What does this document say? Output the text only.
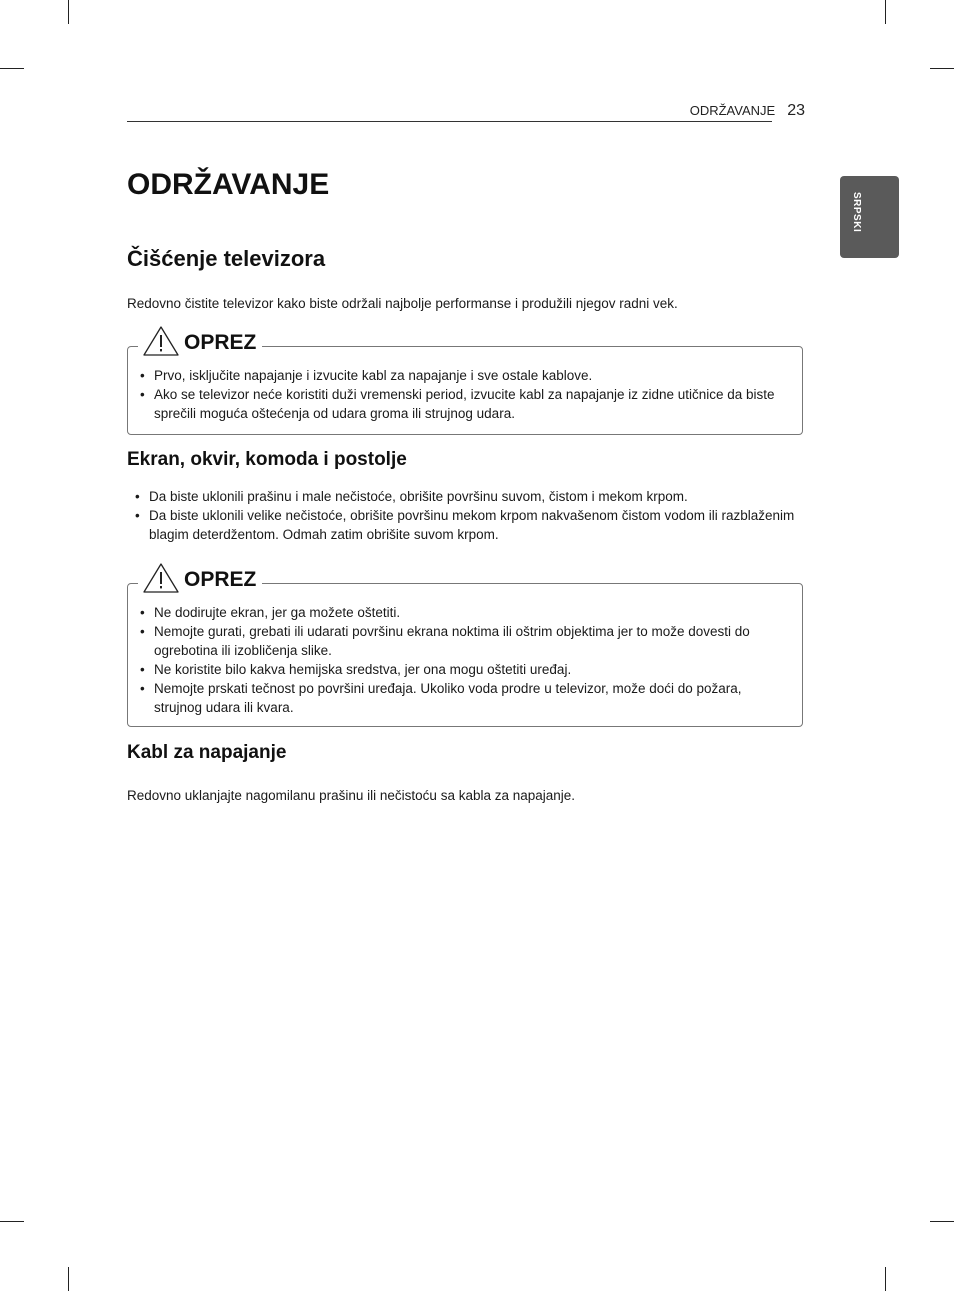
ODRŽAVANJE 23
SRPSKI
ODRŽAVANJE
Čišćenje televizora

Redovno čistite televizor kako biste održali najbolje performanse i produžili njegov radni vek.

OPREZ
• Prvo, isključite napajanje i izvucite kabl za napajanje i sve ostale kablove.
• Ako se televizor neće koristiti duži vremenski period, izvucite kabl za napajanje iz zidne utičnice da biste sprečili moguća oštećenja od udara groma ili strujnog udara.
Ekran, okvir, komoda i postolje
• Da biste uklonili prašinu i male nečistoće, obrišite površinu suvom, čistom i mekom krpom.
• Da biste uklonili velike nečistoće, obrišite površinu mekom krpom nakvašenom čistom vodom ili razblaženim blagim deterdžentom. Odmah zatim obrišite suvom krpom.
OPREZ
• Ne dodirujte ekran, jer ga možete oštetiti.
• Nemojte gurati, grebati ili udarati površinu ekrana noktima ili oštrim objektima jer to može dovesti do ogrebotina ili izobličenja slike.
• Ne koristite bilo kakva hemijska sredstva, jer ona mogu oštetiti uređaj.
• Nemojte prskati tečnost po površini uređaja. Ukoliko voda prodre u televizor, može doći do požara, strujnog udara ili kvara.
Kabl za napajanje

Redovno uklanjajte nagomilanu prašinu ili nečistoću sa kabla za napajanje.
